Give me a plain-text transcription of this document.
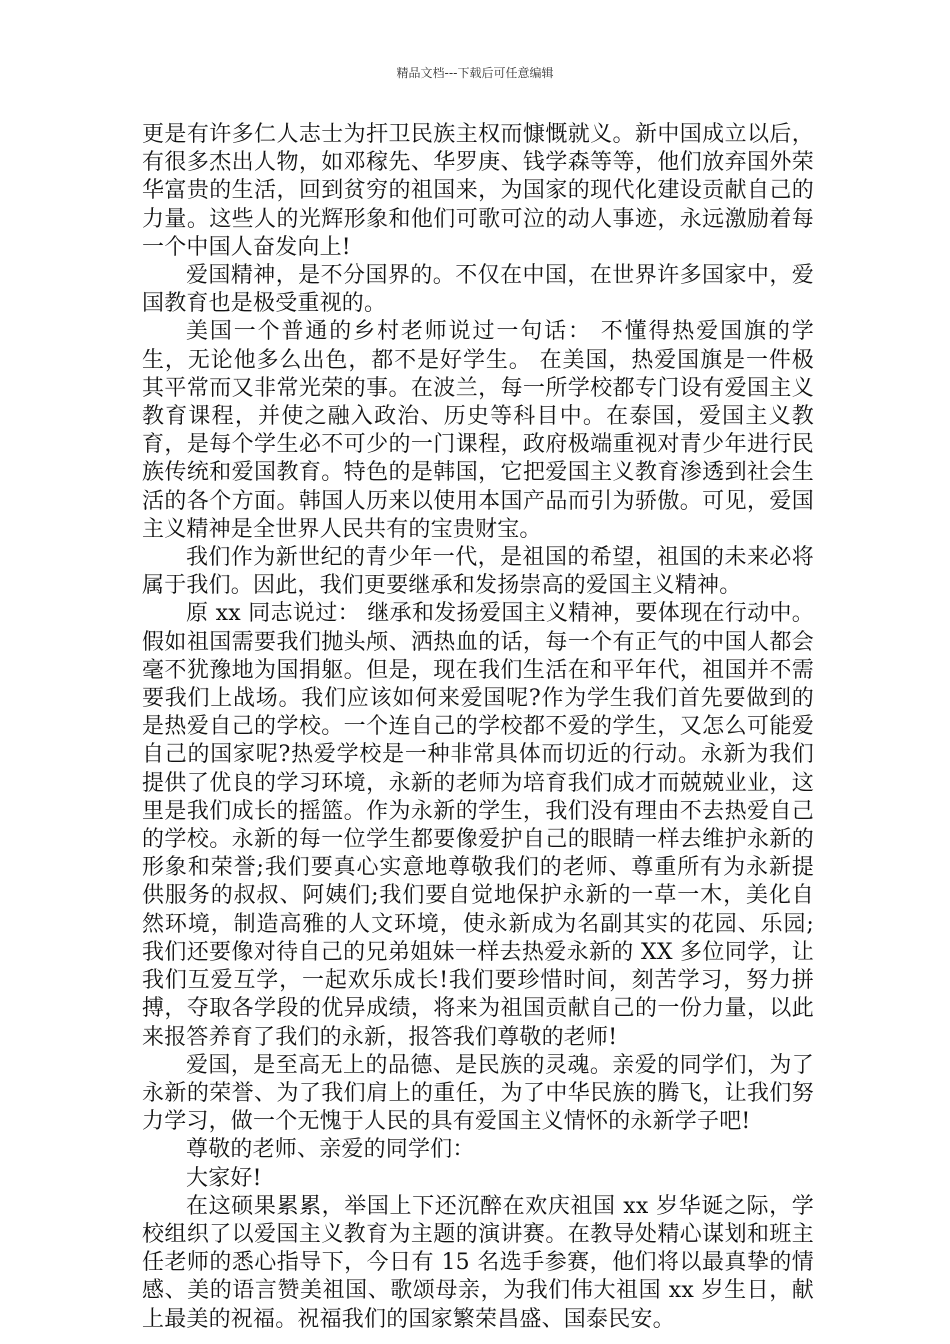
精品文档---下载后可任意编辑

更是有许多仁人志士为扞卫民族主权而慷慨就义。新中国成立以后，有很多杰出人物，如邓稼先、华罗庚、钱学森等等，他们放弃国外荣华富贵的生活，回到贫穷的祖国来，为国家的现代化建设贡献自己的力量。这些人的光辉形象和他们可歌可泣的动人事迹，永远激励着每一个中国人奋发向上!

爱国精神，是不分国界的。不仅在中国，在世界许多国家中，爱国教育也是极受重视的。

美国一个普通的乡村老师说过一句话： 不懂得热爱国旗的学生，无论他多么出色，都不是好学生。 在美国，热爱国旗是一件极其平常而又非常光荣的事。在波兰，每一所学校都专门设有爱国主义教育课程，并使之融入政治、历史等科目中。在泰国，爱国主义教育，是每个学生必不可少的一门课程，政府极端重视对青少年进行民族传统和爱国教育。特色的是韩国，它把爱国主义教育渗透到社会生活的各个方面。韩国人历来以使用本国产品而引为骄傲。可见，爱国主义精神是全世界人民共有的宝贵财宝。

我们作为新世纪的青少年一代，是祖国的希望，祖国的未来必将属于我们。因此，我们更要继承和发扬崇高的爱国主义精神。

原 xx 同志说过： 继承和发扬爱国主义精神，要体现在行动中。 假如祖国需要我们抛头颅、洒热血的话，每一个有正气的中国人都会毫不犹豫地为国捐躯。但是，现在我们生活在和平年代，祖国并不需要我们上战场。我们应该如何来爱国呢?作为学生我们首先要做到的是热爱自己的学校。一个连自己的学校都不爱的学生，又怎么可能爱自己的国家呢?热爱学校是一种非常具体而切近的行动。永新为我们提供了优良的学习环境，永新的老师为培育我们成才而兢兢业业，这里是我们成长的摇篮。作为永新的学生，我们没有理由不去热爱自己的学校。永新的每一位学生都要像爱护自己的眼睛一样去维护永新的形象和荣誉;我们要真心实意地尊敬我们的老师、尊重所有为永新提供服务的叔叔、阿姨们;我们要自觉地保护永新的一草一木，美化自然环境，制造高雅的人文环境，使永新成为名副其实的花园、乐园;我们还要像对待自己的兄弟姐妹一样去热爱永新的 XX 多位同学，让我们互爱互学，一起欢乐成长!我们要珍惜时间，刻苦学习，努力拼搏，夺取各学段的优异成绩，将来为祖国贡献自己的一份力量，以此来报答养育了我们的永新，报答我们尊敬的老师!

爱国，是至高无上的品德、是民族的灵魂。亲爱的同学们，为了永新的荣誉、为了我们肩上的重任，为了中华民族的腾飞，让我们努力学习，做一个无愧于人民的具有爱国主义情怀的永新学子吧!

尊敬的老师、亲爱的同学们：

大家好!

在这硕果累累，举国上下还沉醉在欢庆祖国 xx 岁华诞之际，学校组织了以爱国主义教育为主题的演讲赛。在教导处精心谋划和班主任老师的悉心指导下，今日有 15 名选手参赛，他们将以最真挚的情感、美的语言赞美祖国、歌颂母亲，为我们伟大祖国 xx 岁生日，献上最美的祝福。祝福我们的国家繁荣昌盛、国泰民安。
